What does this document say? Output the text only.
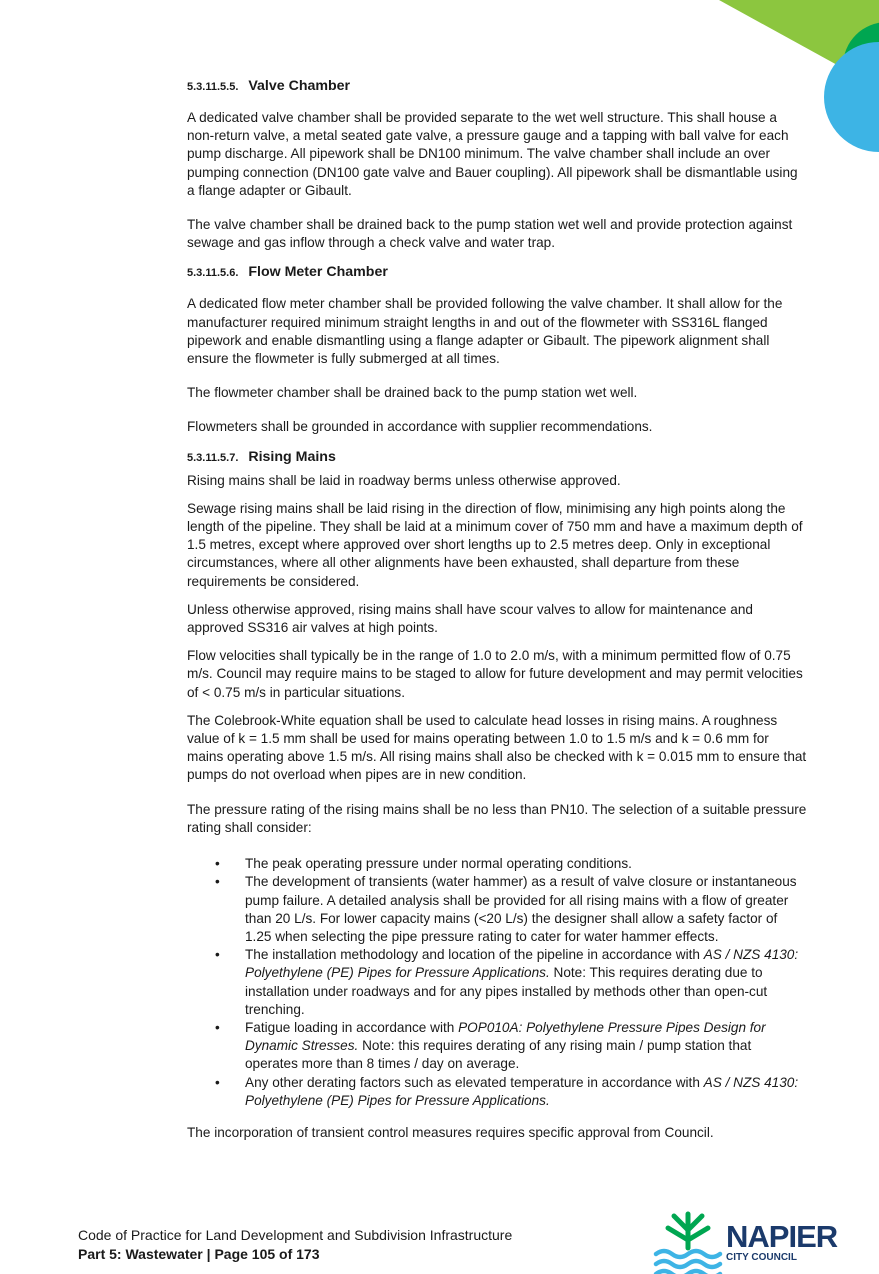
5.3.11.5.5. Valve Chamber

A dedicated valve chamber shall be provided separate to the wet well structure. This shall house a non-return valve, a metal seated gate valve, a pressure gauge and a tapping with ball valve for each pump discharge. All pipework shall be DN100 minimum. The valve chamber shall include an over pumping connection (DN100 gate valve and Bauer coupling). All pipework shall be dismantlable using a flange adapter or Gibault.

The valve chamber shall be drained back to the pump station wet well and provide protection against sewage and gas inflow through a check valve and water trap.

5.3.11.5.6. Flow Meter Chamber

A dedicated flow meter chamber shall be provided following the valve chamber. It shall allow for the manufacturer required minimum straight lengths in and out of the flowmeter with SS316L flanged pipework and enable dismantling using a flange adapter or Gibault. The pipework alignment shall ensure the flowmeter is fully submerged at all times.

The flowmeter chamber shall be drained back to the pump station wet well.

Flowmeters shall be grounded in accordance with supplier recommendations.

5.3.11.5.7. Rising Mains

Rising mains shall be laid in roadway berms unless otherwise approved.

Sewage rising mains shall be laid rising in the direction of flow, minimising any high points along the length of the pipeline. They shall be laid at a minimum cover of 750 mm and have a maximum depth of 1.5 metres, except where approved over short lengths up to 2.5 metres deep. Only in exceptional circumstances, where all other alignments have been exhausted, shall departure from these requirements be considered.

Unless otherwise approved, rising mains shall have scour valves to allow for maintenance and approved SS316 air valves at high points.

Flow velocities shall typically be in the range of 1.0 to 2.0 m/s, with a minimum permitted flow of 0.75 m/s. Council may require mains to be staged to allow for future development and may permit velocities of < 0.75 m/s in particular situations.

The Colebrook-White equation shall be used to calculate head losses in rising mains. A roughness value of k = 1.5 mm shall be used for mains operating between 1.0 to 1.5 m/s and k = 0.6 mm for mains operating above 1.5 m/s. All rising mains shall also be checked with k = 0.015 mm to ensure that pumps do not overload when pipes are in new condition.

The pressure rating of the rising mains shall be no less than PN10. The selection of a suitable pressure rating shall consider:

• The peak operating pressure under normal operating conditions.
• The development of transients (water hammer) as a result of valve closure or instantaneous pump failure. A detailed analysis shall be provided for all rising mains with a flow of greater than 20 L/s. For lower capacity mains (<20 L/s) the designer shall allow a safety factor of 1.25 when selecting the pipe pressure rating to cater for water hammer effects.
• The installation methodology and location of the pipeline in accordance with AS / NZS 4130: Polyethylene (PE) Pipes for Pressure Applications. Note: This requires derating due to installation under roadways and for any pipes installed by methods other than open-cut trenching.
• Fatigue loading in accordance with POP010A: Polyethylene Pressure Pipes Design for Dynamic Stresses. Note: this requires derating of any rising main / pump station that operates more than 8 times / day on average.
• Any other derating factors such as elevated temperature in accordance with AS / NZS 4130: Polyethylene (PE) Pipes for Pressure Applications.

The incorporation of transient control measures requires specific approval from Council.

Code of Practice for Land Development and Subdivision Infrastructure
Part 5: Wastewater | Page 105 of 173	NAPIER
CITY COUNCIL
